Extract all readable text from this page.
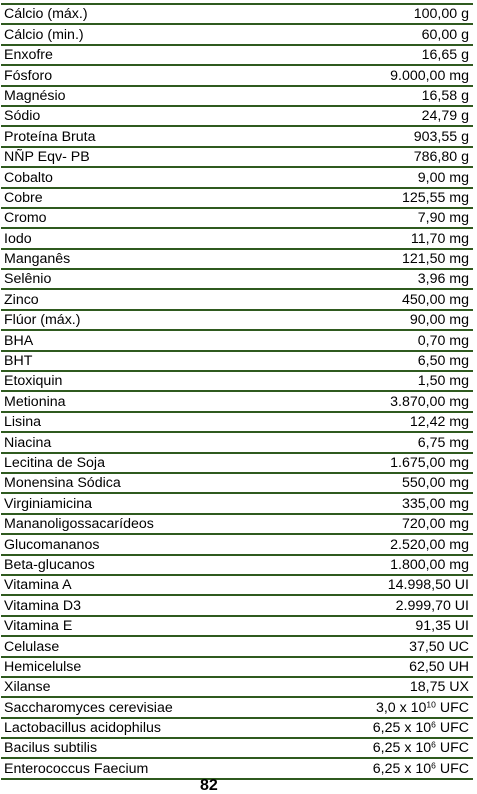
Cálcio (máx.)	100,00 g
Cálcio (min.)	60,00 g
Enxofre	16,65 g
Fósforo	9.000,00 mg
Magnésio	16,58 g
Sódio	24,79 g
Proteína Bruta	903,55 g
NÑP Eqv- PB	786,80 g
Cobalto	9,00 mg
Cobre	125,55 mg
Cromo	7,90 mg
Iodo	11,70 mg
Manganês	121,50 mg
Selênio	3,96 mg
Zinco	450,00 mg
Flúor (máx.)	90,00 mg
BHA	0,70 mg
BHT	6,50 mg
Etoxiquin	1,50 mg
Metionina	3.870,00 mg
Lisina	12,42 mg
Niacina	6,75 mg
Lecitina de Soja	1.675,00 mg
Monensina Sódica	550,00 mg
Virginiamicina	335,00 mg
Mananoligossacarídeos	720,00 mg
Glucomananos	2.520,00 mg
Beta-glucanos	1.800,00 mg
Vitamina A	14.998,50 UI
Vitamina D3	2.999,70 UI
Vitamina E	91,35 UI
Celulase	37,50 UC
Hemicelulse	62,50 UH
Xilanse	18,75 UX
Saccharomyces cerevisiae	3,0 x $10^{10}$ UFC
Lactobacillus acidophilus	6,25 x $10^6$ UFC
Bacilus subtilis	6,25 x $10^6$ UFC
Enterococcus Faecium	6,25 x $10^6$ UFC
82
